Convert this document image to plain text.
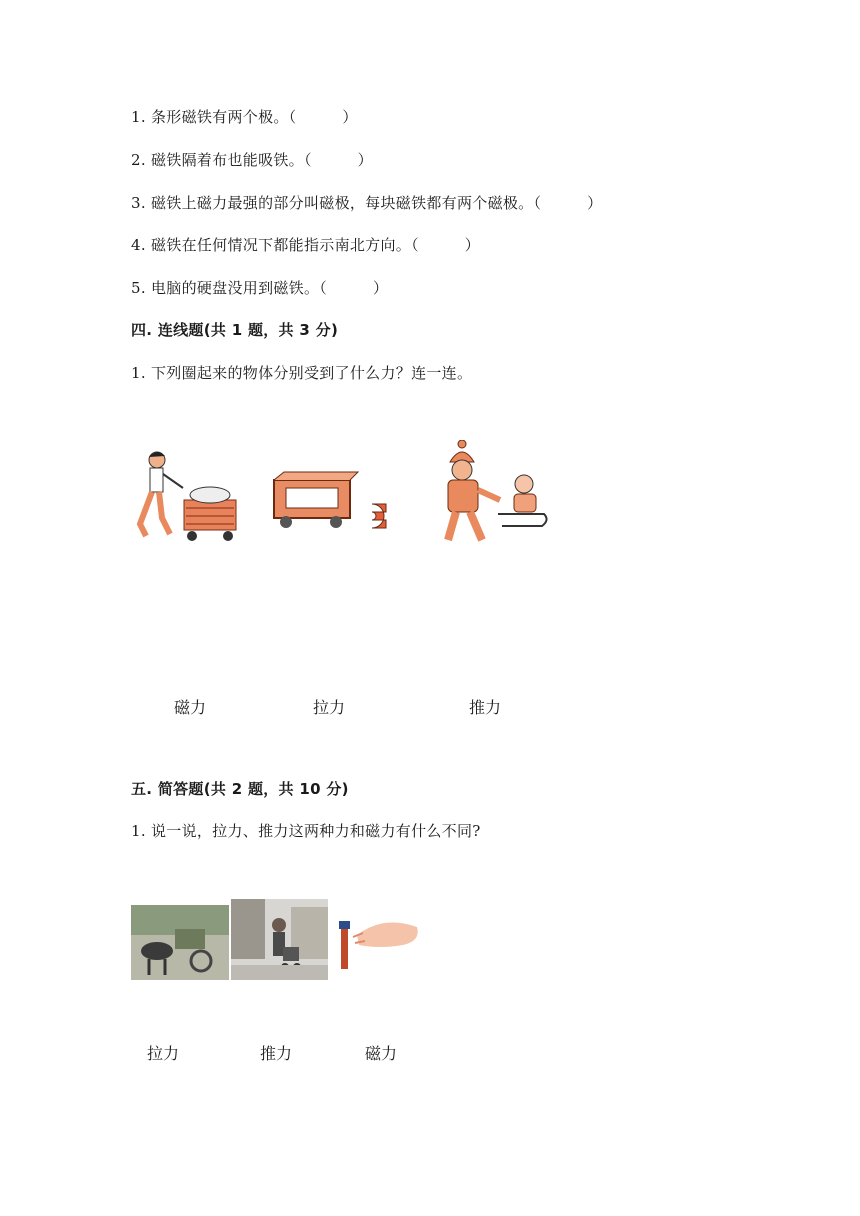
1. 条形磁铁有两个极。（　　　）
2. 磁铁隔着布也能吸铁。（　　　）
3. 磁铁上磁力最强的部分叫磁极，每块磁铁都有两个磁极。（　　　）
4. 磁铁在任何情况下都能指示南北方向。（　　　）
5. 电脑的硬盘没用到磁铁。（　　　）
四. 连线题(共 1 题，共 3 分)
1. 下列圈起来的物体分别受到了什么力？连一连。
磁力	拉力	推力
五. 简答题(共 2 题，共 10 分)
1. 说一说，拉力、推力这两种力和磁力有什么不同?
拉力	推力	磁力
